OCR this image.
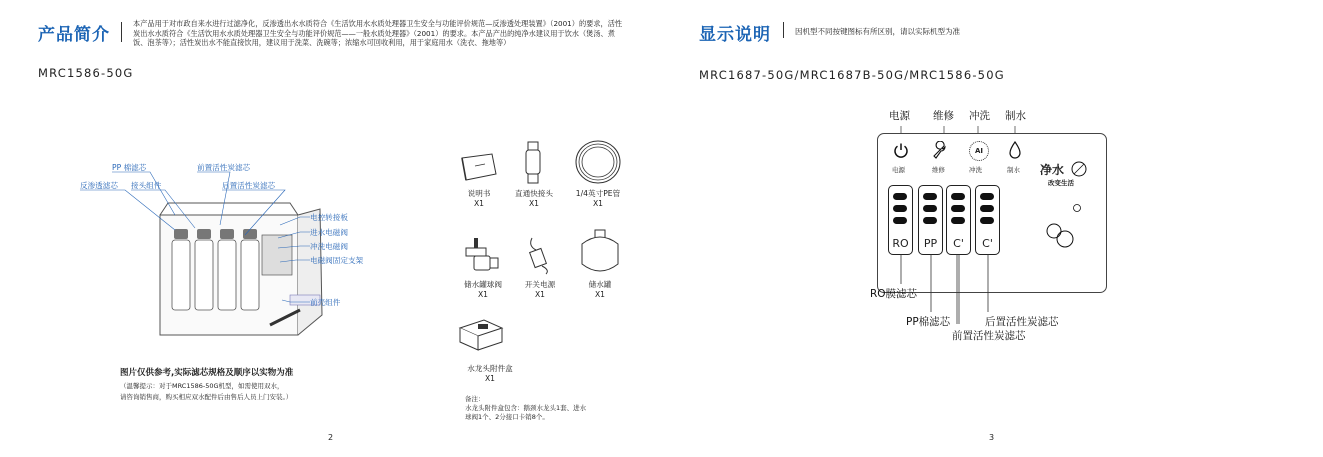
产品简介
本产品用于对市政自来水进行过滤净化，反渗透出水水质符合《生活饮用水水质处理器卫生安全与功能评价规范—反渗透处理装置》（2001）的要求，活性炭出水水质符合《生活饮用水水质处理器卫生安全与功能评价规范——一般水质处理器》（2001）的要求。本产品产出的纯净水建议用于饮水（煲汤、煮饭、泡茶等）；活性炭出水不能直接饮用，建议用于洗菜、洗碗等；浓缩水可回收利用，用于家庭用水（洗衣、拖地等）
MRC1586-50G
PP 棉滤芯	前置活性炭滤芯
反渗透滤芯 接头组件	后置活性炭滤芯
电控转接板
进水电磁阀
冲洗电磁阀
电磁阀固定支架
前壳组件
图片仅供参考,实际滤芯规格及顺序以实物为准
（温馨提示：对于MRC1586-50G机型，如需使用双水，
请咨询销售商，购买相应双水配件后由售后人员上门安装。）
说明书
X1
直通快接头
X1
1/4英寸PE管
X1
储水罐球阀
X1
开关电源
X1
储水罐
X1
水龙头附件盒
X1
备注：
水龙头附件盒包含：鹅颈水龙头1套、进水
球阀1个、2分接口卡销8个。
2
显示说明	因机型不同按键图标有所区别，请以实际机型为准
MRC1687-50G/MRC1687B-50G/MRC1586-50G
电源 维修 冲洗 制水
电源	维修
AI
冲洗	制水 净水
改变生活
RO	PP	C'	C'
RO膜滤芯
PP棉滤芯	后置活性炭滤芯
前置活性炭滤芯
3
